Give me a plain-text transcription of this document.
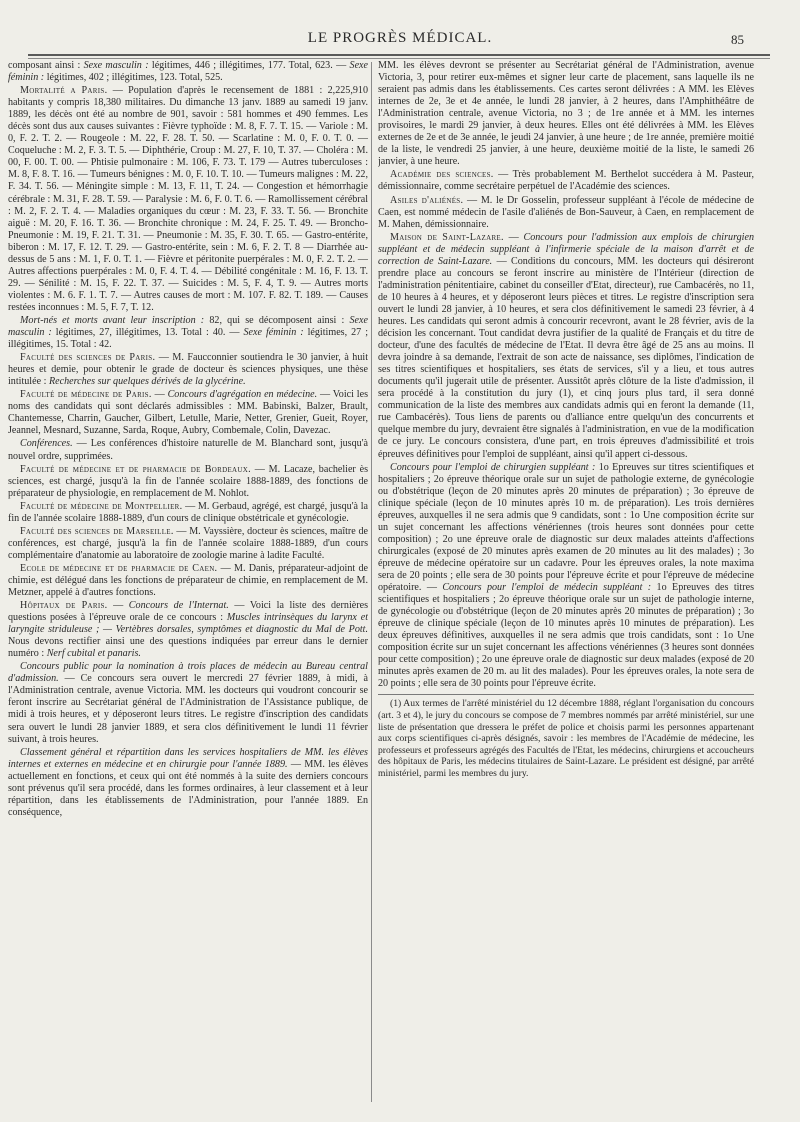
LE PROGRÈS MÉDICAL.	85

composant ainsi : Sexe masculin : légitimes, 446 ; illégitimes, 177. Total, 623. — Sexe féminin : légitimes, 402 ; illégitimes, 123. Total, 525.

Mortalité a Paris. — Population d'après le recensement de 1881 : 2,225,910 habitants y compris 18,380 militaires. Du dimanche 13 janv. 1889 au samedi 19 janv. 1889, les décès ont été au nombre de 901, savoir : 581 hommes et 490 femmes. Les décès sont dus aux causes suivantes : Fièvre typhoïde : M. 8, F. 7. T. 15. — Variole : M. 0, F. 2. T. 2. — Rougeole : M. 22, F. 28. T. 50. — Scarlatine : M. 0, F. 0. T. 0. — Coqueluche : M. 2, F. 3. T. 5. — Diphthérie, Croup : M. 27, F. 10, T. 37. — Choléra : M. 00, F. 00. T. 00. — Phtisie pulmonaire : M. 106, F. 73. T. 179 — Autres tuberculoses : M. 8, F. 8. T. 16. — Tumeurs bénignes : M. 0, F. 10. T. 10. — Tumeurs malignes : M. 22, F. 34. T. 56. — Méningite simple : M. 13, F. 11, T. 24. — Congestion et hémorrhagie cérébrale : M. 31, F. 28. T. 59. — Paralysie : M. 6, F. 0. T. 6. — Ramollissement cérébral : M. 2, F. 2. T. 4. — Maladies organiques du cœur : M. 23, F. 33. T. 56. — Bronchite aiguë : M. 20, F. 16. T. 36. — Bronchite chronique : M. 24, F. 25. T. 49. — Broncho-Pneumonie : M. 19, F. 21. T. 31. — Pneumonie : M. 35, F. 30. T. 65. — Gastro-entérite, biberon : M. 17, F. 12. T. 29. — Gastro-entérite, sein : M. 6, F. 2. T. 8 — Diarrhée au-dessus de 5 ans : M. 1, F. 0. T. 1. — Fièvre et péritonite puerpérales : M. 0, F. 2. T. 2. — Autres affections puerpérales : M. 0, F. 4. T. 4. — Débilité congénitale : M. 16, F. 13. T. 29. — Sénilité : M. 15, F. 22. T. 37. — Suicides : M. 5, F. 4, T. 9. — Autres morts violentes : M. 6. F. 1. T. 7. — Autres causes de mort : M. 107. F. 82. T. 189. — Causes restées inconnues : M. 5, F. 7, T. 12.

Mort-nés et morts avant leur inscription : 82, qui se décomposent ainsi : Sexe masculin : légitimes, 27, illégitimes, 13. Total : 40. — Sexe féminin : légitimes, 27 ; illégitimes, 15. Total : 42.

Faculté des sciences de Paris. — M. Faucconnier soutiendra le 30 janvier, à huit heures et demie, pour obtenir le grade de docteur ès sciences physiques, une thèse intitulée : Recherches sur quelques dérivés de la glycérine.

Faculté de médecine de Paris. — Concours d'agrégation en médecine. — Voici les noms des candidats qui sont déclarés admissibles : MM. Babinski, Balzer, Brault, Chantemesse, Charrin, Gaucher, Gilbert, Letulle, Marie, Netter, Grenier, Gueit, Royer, Jeannel, Mesnard, Suzanne, Sarda, Roque, Aubry, Combemale, Colin, Davezac.

Conférences. — Les conférences d'histoire naturelle de M. Blanchard sont, jusqu'à nouvel ordre, supprimées.

Faculté de médecine et de pharmacie de Bordeaux. — M. Lacaze, bachelier ès sciences, est chargé, jusqu'à la fin de l'année scolaire 1888-1889, des fonctions de préparateur de physiologie, en remplacement de M. Nohlot.

Faculté de médecine de Montpellier. — M. Gerbaud, agrégé, est chargé, jusqu'à la fin de l'année scolaire 1888-1889, d'un cours de clinique obstétricale et gynécologie.

Faculté des sciences de Marseille. — M. Vayssière, docteur ès sciences, maître de conférences, est chargé, jusqu'à la fin de l'année scolaire 1888-1889, d'un cours complémentaire d'anatomie au laboratoire de zoologie marine à ladite Faculté.

Ecole de médecine et de pharmacie de Caen. — M. Danis, préparateur-adjoint de chimie, est délégué dans les fonctions de préparateur de chimie, en remplacement de M. Metzner, appelé à d'autres fonctions.

Hôpitaux de Paris. — Concours de l'Internat. — Voici la liste des dernières questions posées à l'épreuve orale de ce concours : Muscles intrinsèques du larynx et laryngite striduleuse ; — Vertèbres dorsales, symptômes et diagnostic du Mal de Pott. Nous devons rectifier ainsi une des questions indiquées par erreur dans le dernier numéro : Nerf cubital et panaris.

Concours public pour la nomination à trois places de médecin au Bureau central d'admission. — Ce concours sera ouvert le mercredi 27 février 1889, à midi, à l'Administration centrale, avenue Victoria. MM. les docteurs qui voudront concourir se feront inscrire au Secrétariat général de l'Administration de l'Assistance publique, de midi à trois heures, et y déposeront leurs titres. Le registre d'inscription des candidats sera ouvert le lundi 28 janvier 1889, et sera clos définitivement le lundi 11 février suivant, à trois heures.

Classement général et répartition dans les services hospitaliers de MM. les élèves internes et externes en médecine et en chirurgie pour l'année 1889. — MM. les élèves actuellement en fonctions, et ceux qui ont été nommés à la suite des derniers concours sont prévenus qu'il sera procédé, dans les formes ordinaires, à leur classement et à leur répartition, dans les établissements de l'Administration, pour l'année 1889. En conséquence,

MM. les élèves devront se présenter au Secrétariat général de l'Administration, avenue Victoria, 3, pour retirer eux-mêmes et signer leur carte de placement, sans laquelle ils ne seraient pas admis dans les établissements. Ces cartes seront délivrées : A MM. les Elèves internes de 2e, 3e et 4e année, le lundi 28 janvier, à 2 heures, dans l'Amphithéâtre de l'Administration centrale, avenue Victoria, no 3 ; de 1re année et à MM. les internes provisoires, le mardi 29 janvier, à deux heures. Elles ont été délivrées à MM. les Elèves externes de 2e et de 3e année, le jeudi 24 janvier, à une heure ; de 1re année, première moitié de la liste, le vendredi 25 janvier, à une heure, deuxième moitié de la liste, le samedi 26 janvier, à une heure.

Académie des sciences. — Très probablement M. Berthelot succédera à M. Pasteur, démissionnaire, comme secrétaire perpétuel de l'Académie des sciences.

Asiles d'aliénés. — M. le Dr Gosselin, professeur suppléant à l'école de médecine de Caen, est nommé médecin de l'asile d'aliénés de Bon-Sauveur, à Caen, en remplacement de M. Mahen, démissionnaire.

Maison de Saint-Lazare. — Concours pour l'admission aux emplois de chirurgien suppléant et de médecin suppléant à l'infirmerie spéciale de la maison d'arrêt et de correction de Saint-Lazare. — Conditions du concours, MM. les docteurs qui désireront prendre place au concours se feront inscrire au ministère de l'Intérieur (direction de l'administration pénitentiaire, cabinet du conseiller d'Etat, directeur), rue Cambacérès, no 11, de 10 heures à 4 heures, et y déposeront leurs pièces et titres. Le registre d'inscription sera ouvert le lundi 28 janvier, à 10 heures, et sera clos définitivement le samedi 23 février, à 4 heures. Les candidats qui seront admis à concourir recevront, avant le 28 février, avis de la décision les concernant. Tout candidat devra justifier de la qualité de Français et du titre de docteur, d'une des facultés de médecine de l'Etat. Il devra être âgé de 25 ans au moins. Il devra joindre à sa demande, l'extrait de son acte de naissance, ses diplômes, l'indication de ses titres scientifiques et hospitaliers, ses états de services, s'il y a lieu, et tous autres documents qu'il jugerait utile de présenter. Aussitôt après clôture de la liste d'admission, il sera procédé à la constitution du jury (1), et cinq jours plus tard, il sera donné communication de la liste des membres aux candidats admis qui en feront la demande (11, rue Cambacérès). Tous liens de parents ou d'alliance entre quelqu'un des concurrents et quelque membre du jury, devraient être signalés à l'administration, en vue de la modification de ce jury. Le concours consistera, d'une part, en trois épreuves d'admissibilité et trois épreuves définitives pour l'emploi de suppléant, ainsi qu'il appert ci-dessous.

Concours pour l'emploi de chirurgien suppléant : 1o Epreuves sur titres scientifiques et hospitaliers ; 2o épreuve théorique orale sur un sujet de pathologie externe, de gynécologie ou d'obstétrique (leçon de 20 minutes après 20 minutes de préparation) ; 3o épreuve de clinique spéciale (leçon de 10 minutes après 10 m. de préparation). Les trois dernières épreuves, auxquelles il ne sera admis que 9 candidats, sont : 1o Une composition écrite sur un sujet concernant les affections vénériennes (trois heures sont données pour cette composition) ; 2o une épreuve orale de diagnostic sur deux malades atteints d'affections chirurgicales (exposé de 20 minutes après examen de 20 minutes au lit des malades) ; 3o épreuve de médecine opératoire sur un cadavre. Pour les épreuves orales, la note maxima sera de 20 points ; elle sera de 30 points pour l'épreuve écrite et pour l'épreuve de médecine opératoire. — Concours pour l'emploi de médecin suppléant : 1o Epreuves des titres scientifiques et hospitaliers ; 2o épreuve théorique orale sur un sujet de pathologie interne, de gynécologie ou d'obstétrique (leçon de 20 minutes après 20 minutes de préparation) ; 3o épreuve de clinique spéciale (leçon de 10 minutes après 10 minutes de préparation). Les deux épreuves définitives, auxquelles il ne sera admis que trois candidats, sont : 1o Une composition écrite sur un sujet concernant les affections vénériennes (3 heures sont données pour cette composition) ; 2o une épreuve orale de diagnostic sur deux malades (exposé de 20 minutes après examen de 20 m. au lit des malades). Pour les épreuves orales, la note sera de 20 points ; elle sera de 30 points pour l'épreuve écrite.

(1) Aux termes de l'arrêté ministériel du 12 décembre 1888, réglant l'organisation du concours (art. 3 et 4), le jury du concours se compose de 7 membres nommés par arrêté ministériel, sur une liste de présentation que dressera le préfet de police et choisis parmi les personnes appartenant aux corps scientifiques ci-après désignés, savoir : les membres de l'Académie de médecine, les professeurs et professeurs agrégés des Facultés de l'Etat, les médecins, chirurgiens et accoucheurs des hôpitaux de Paris, les médecins titulaires de Saint-Lazare. Le président est désigné, par arrêté ministériel, parmi les membres du jury.
